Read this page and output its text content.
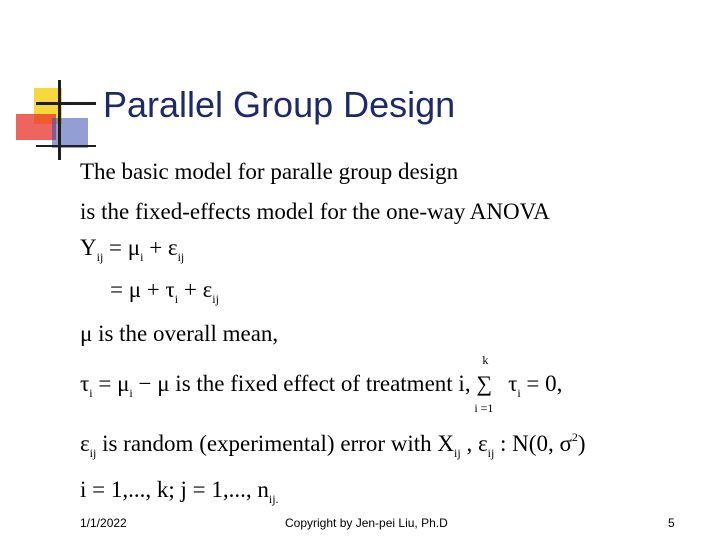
Parallel Group Design
The basic model for paralle group design
is the fixed-effects model for the one-way ANOVA
$Y_{ij} = \mu_i + \varepsilon_{ij}$
= $\mu + \tau_i + \varepsilon_{ij}$
μ is the overall mean,
$\tau_i = \mu_i - \mu$ is the fixed effect of treatment i,
k
∑
i =1
$\tau_i = 0$,
$\varepsilon_{ij}$ is random (experimental) error with $X_{ij}$ , $\varepsilon_{ij}$ : N(0, $\sigma^2$)
i = 1,..., k; j = 1,..., $n_{ij.}$
1/1/2022	Copyright by Jen-pei Liu, Ph.D	5
